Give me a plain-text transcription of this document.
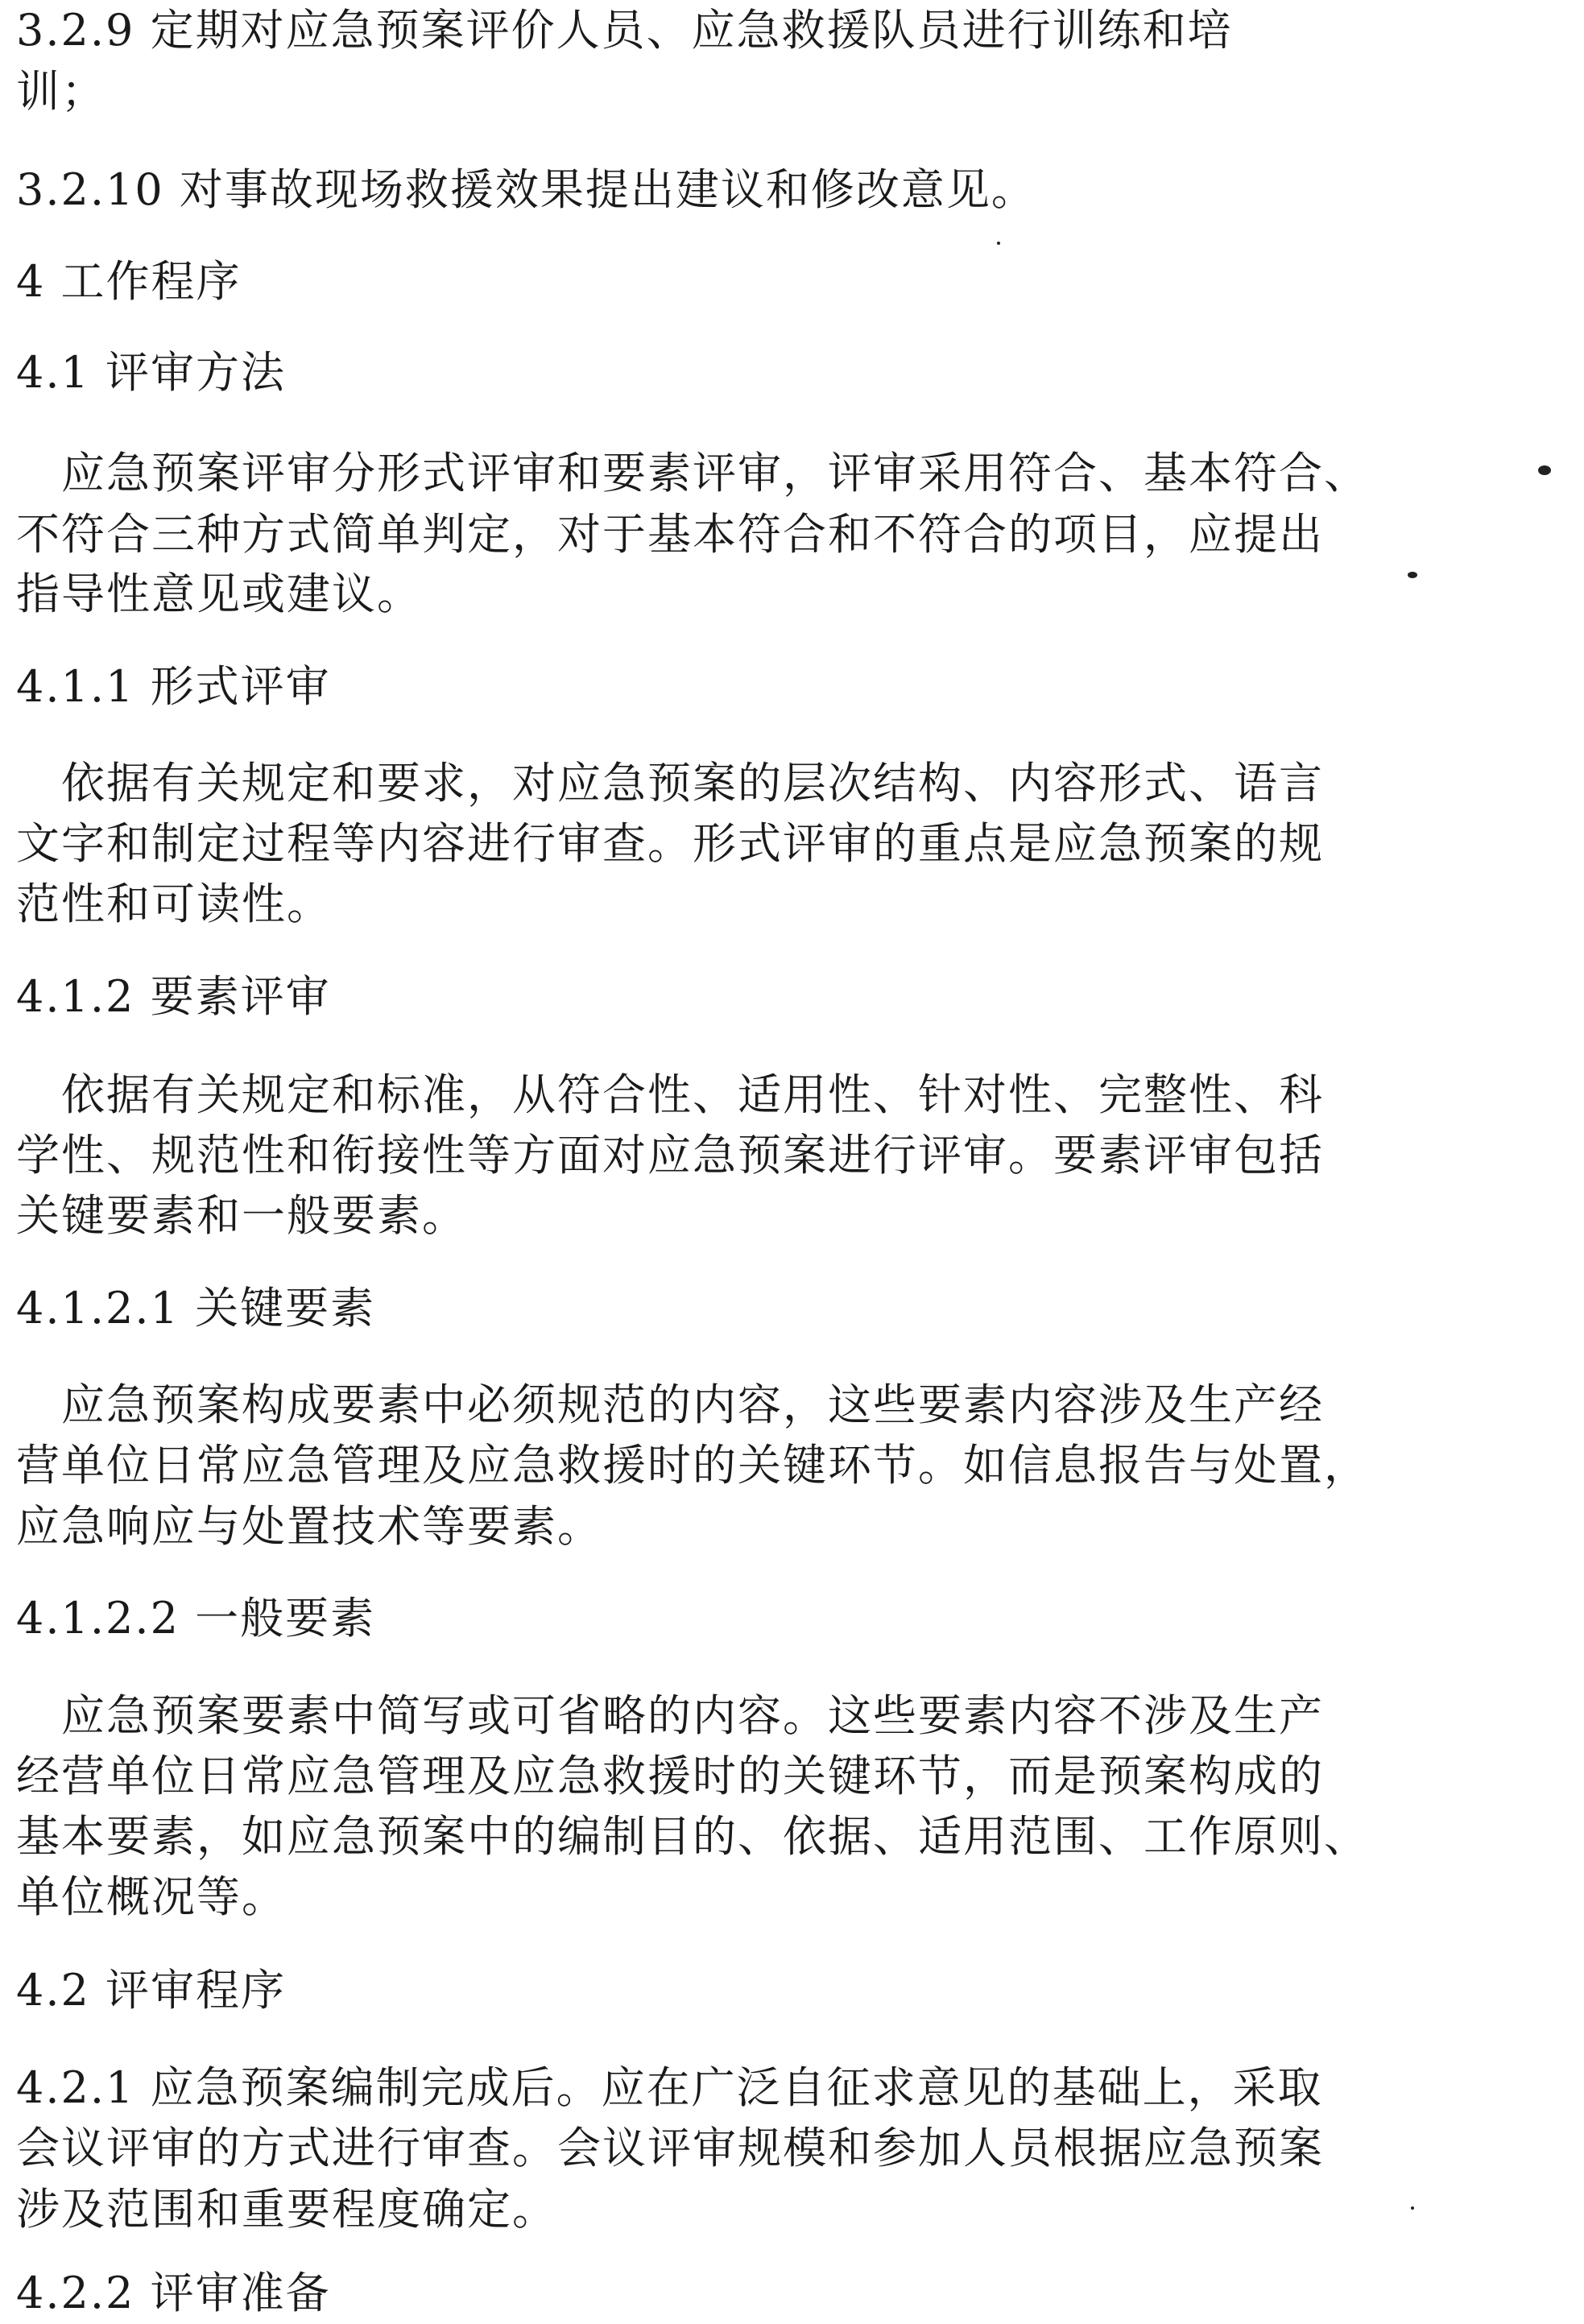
3.2.9 定期对应急预案评价人员、应急救援队员进行训练和培

训；

3.2.10 对事故现场救援效果提出建议和修改意见。

4 工作程序

4.1 评审方法

应急预案评审分形式评审和要素评审，评审采用符合、基本符合、

不符合三种方式简单判定，对于基本符合和不符合的项目，应提出

指导性意见或建议。

4.1.1 形式评审

依据有关规定和要求，对应急预案的层次结构、内容形式、语言

文字和制定过程等内容进行审查。形式评审的重点是应急预案的规

范性和可读性。

4.1.2 要素评审

依据有关规定和标准，从符合性、适用性、针对性、完整性、科

学性、规范性和衔接性等方面对应急预案进行评审。要素评审包括

关键要素和一般要素。

4.1.2.1 关键要素

应急预案构成要素中必须规范的内容，这些要素内容涉及生产经

营单位日常应急管理及应急救援时的关键环节。如信息报告与处置，

应急响应与处置技术等要素。

4.1.2.2 一般要素

应急预案要素中简写或可省略的内容。这些要素内容不涉及生产

经营单位日常应急管理及应急救援时的关键环节，而是预案构成的

基本要素，如应急预案中的编制目的、依据、适用范围、工作原则、

单位概况等。

4.2 评审程序

4.2.1 应急预案编制完成后。应在广泛自征求意见的基础上，采取

会议评审的方式进行审查。会议评审规模和参加人员根据应急预案

涉及范围和重要程度确定。

4.2.2 评审准备
